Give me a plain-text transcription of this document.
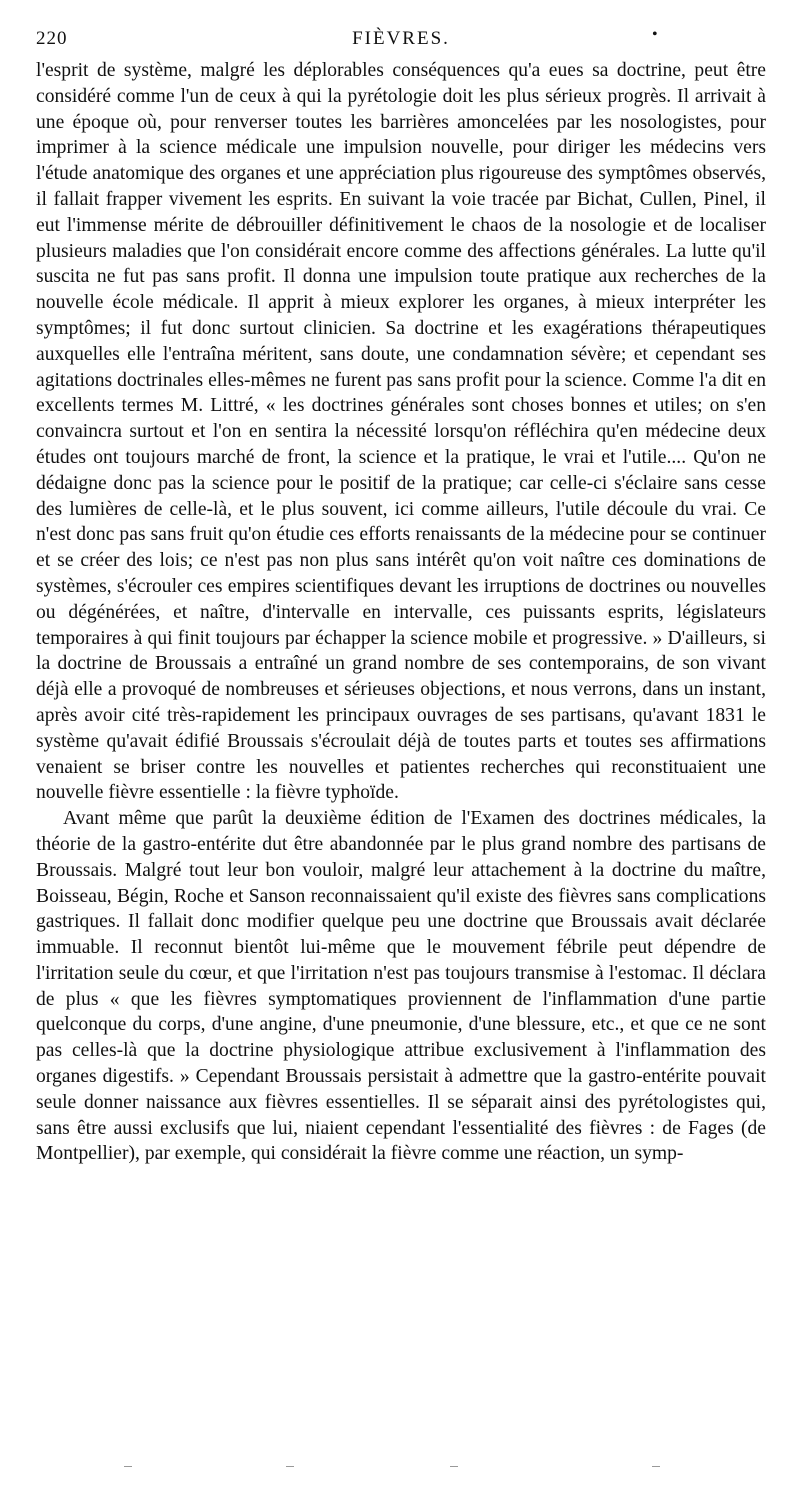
220	FIÈVRES.	•

l'esprit de système, malgré les déplorables conséquences qu'a eues sa doctrine, peut être considéré comme l'un de ceux à qui la pyrétologie doit les plus sérieux progrès. Il arrivait à une époque où, pour renverser toutes les barrières amoncelées par les nosologistes, pour imprimer à la science médicale une impulsion nouvelle, pour diriger les médecins vers l'étude anatomique des organes et une appréciation plus rigoureuse des symptômes observés, il fallait frapper vivement les esprits. En suivant la voie tracée par Bichat, Cullen, Pinel, il eut l'immense mérite de débrouiller définitivement le chaos de la nosologie et de localiser plusieurs maladies que l'on considérait encore comme des affections générales. La lutte qu'il suscita ne fut pas sans profit. Il donna une impulsion toute pratique aux recherches de la nouvelle école médicale. Il apprit à mieux explorer les organes, à mieux interpréter les symptômes; il fut donc surtout clinicien. Sa doctrine et les exagérations thérapeutiques auxquelles elle l'entraîna méritent, sans doute, une condamnation sévère; et cependant ses agitations doctrinales elles-mêmes ne furent pas sans profit pour la science. Comme l'a dit en excellents termes M. Littré, « les doctrines générales sont choses bonnes et utiles; on s'en convaincra surtout et l'on en sentira la nécessité lorsqu'on réfléchira qu'en médecine deux études ont toujours marché de front, la science et la pratique, le vrai et l'utile.... Qu'on ne dédaigne donc pas la science pour le positif de la pratique; car celle-ci s'éclaire sans cesse des lumières de celle-là, et le plus souvent, ici comme ailleurs, l'utile découle du vrai. Ce n'est donc pas sans fruit qu'on étudie ces efforts renaissants de la médecine pour se continuer et se créer des lois; ce n'est pas non plus sans intérêt qu'on voit naître ces dominations de systèmes, s'écrouler ces empires scientifiques devant les irruptions de doctrines ou nouvelles ou dégénérées, et naître, d'intervalle en intervalle, ces puissants esprits, législateurs temporaires à qui finit toujours par échapper la science mobile et progressive. » D'ailleurs, si la doctrine de Broussais a entraîné un grand nombre de ses contemporains, de son vivant déjà elle a provoqué de nombreuses et sérieuses objections, et nous verrons, dans un instant, après avoir cité très-rapidement les principaux ouvrages de ses partisans, qu'avant 1831 le système qu'avait édifié Broussais s'écroulait déjà de toutes parts et toutes ses affirmations venaient se briser contre les nouvelles et patientes recherches qui reconstituaient une nouvelle fièvre essentielle : la fièvre typhoïde.

Avant même que parût la deuxième édition de l'Examen des doctrines médicales, la théorie de la gastro-entérite dut être abandonnée par le plus grand nombre des partisans de Broussais. Malgré tout leur bon vouloir, malgré leur attachement à la doctrine du maître, Boisseau, Bégin, Roche et Sanson reconnaissaient qu'il existe des fièvres sans complications gastriques. Il fallait donc modifier quelque peu une doctrine que Broussais avait déclarée immuable. Il reconnut bientôt lui-même que le mouvement fébrile peut dépendre de l'irritation seule du cœur, et que l'irritation n'est pas toujours transmise à l'estomac. Il déclara de plus « que les fièvres symptomatiques proviennent de l'inflammation d'une partie quelconque du corps, d'une angine, d'une pneumonie, d'une blessure, etc., et que ce ne sont pas celles-là que la doctrine physiologique attribue exclusivement à l'inflammation des organes digestifs. » Cependant Broussais persistait à admettre que la gastro-entérite pouvait seule donner naissance aux fièvres essentielles. Il se séparait ainsi des pyrétologistes qui, sans être aussi exclusifs que lui, niaient cependant l'essentialité des fièvres : de Fages (de Montpellier), par exemple, qui considérait la fièvre comme une réaction, un symp-
